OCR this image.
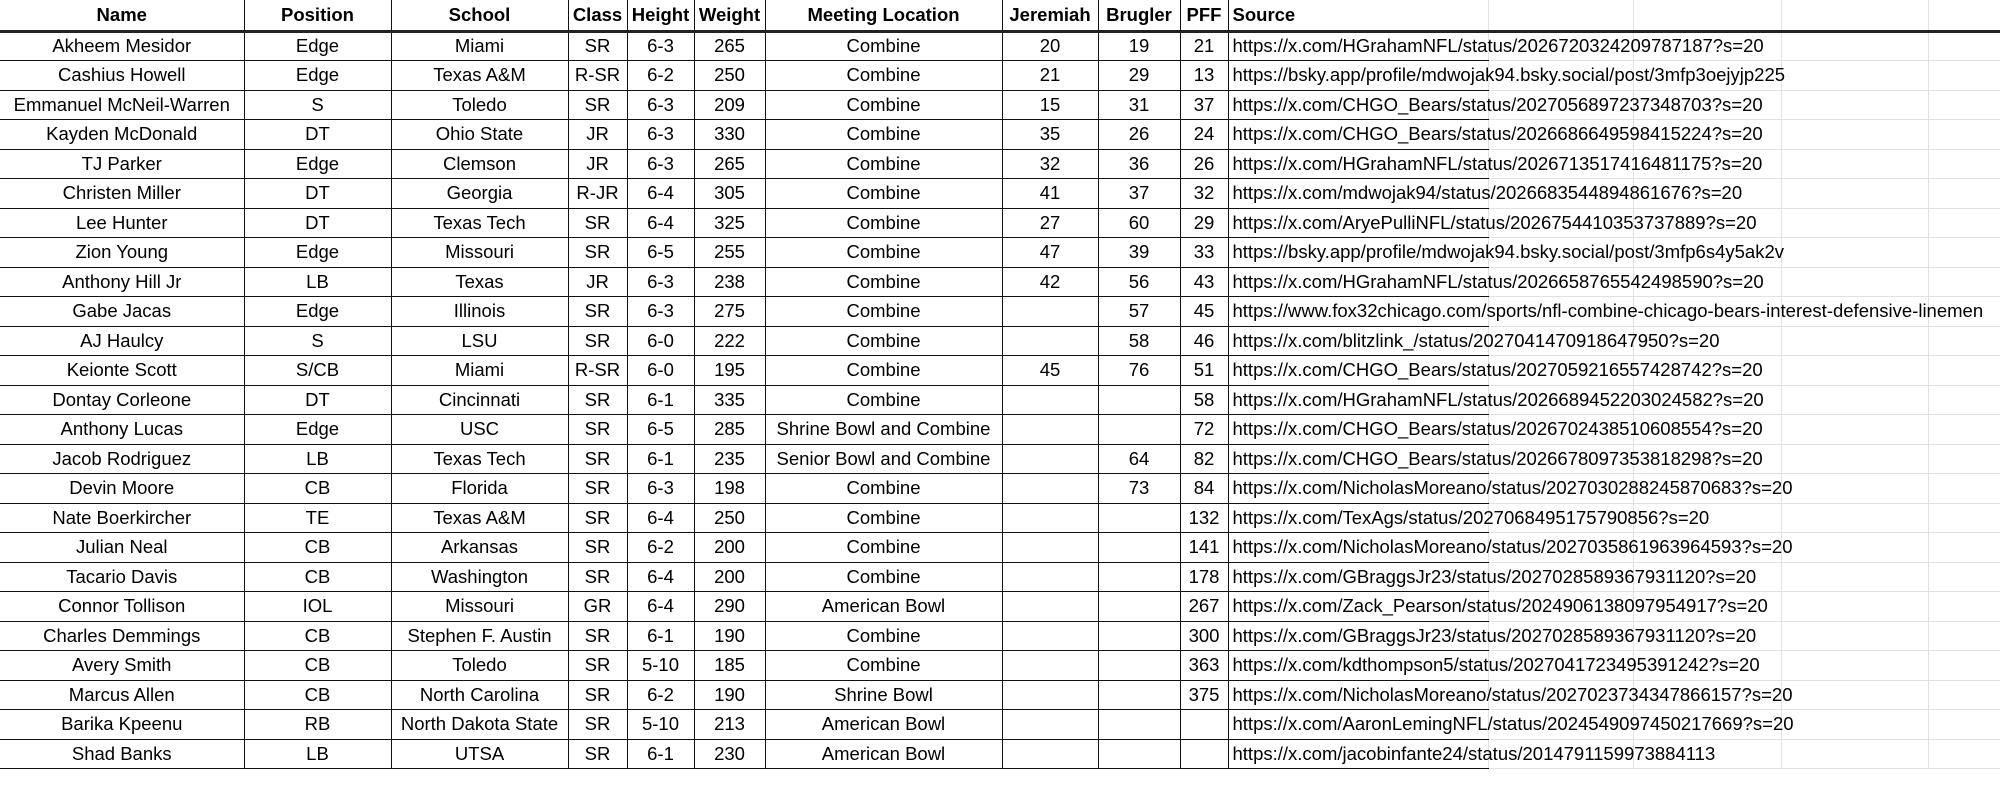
Name	Position	School	Class	Height	Weight	Meeting Location	Jeremiah	Brugler	PFF	Source				
Akheem Mesidor	Edge	Miami	SR	6-3	265	Combine	20	19	21	https://x.com/HGrahamNFL/status/2026720324209787187?s=20				
Cashius Howell	Edge	Texas A&M	R-SR	6-2	250	Combine	21	29	13	https://bsky.app/profile/mdwojak94.bsky.social/post/3mfp3oejyjp225				
Emmanuel McNeil-Warren	S	Toledo	SR	6-3	209	Combine	15	31	37	https://x.com/CHGO_Bears/status/2027056897237348703?s=20				
Kayden McDonald	DT	Ohio State	JR	6-3	330	Combine	35	26	24	https://x.com/CHGO_Bears/status/2026686649598415224?s=20				
TJ Parker	Edge	Clemson	JR	6-3	265	Combine	32	36	26	https://x.com/HGrahamNFL/status/2026713517416481175?s=20				
Christen Miller	DT	Georgia	R-JR	6-4	305	Combine	41	37	32	https://x.com/mdwojak94/status/2026683544894861676?s=20				
Lee Hunter	DT	Texas Tech	SR	6-4	325	Combine	27	60	29	https://x.com/AryePulliNFL/status/2026754410353737889?s=20				
Zion Young	Edge	Missouri	SR	6-5	255	Combine	47	39	33	https://bsky.app/profile/mdwojak94.bsky.social/post/3mfp6s4y5ak2v				
Anthony Hill Jr	LB	Texas	JR	6-3	238	Combine	42	56	43	https://x.com/HGrahamNFL/status/2026658765542498590?s=20				
Gabe Jacas	Edge	Illinois	SR	6-3	275	Combine		57	45	https://www.fox32chicago.com/sports/nfl-combine-chicago-bears-interest-defensive-linemen				
AJ Haulcy	S	LSU	SR	6-0	222	Combine		58	46	https://x.com/blitzlink_/status/2027041470918647950?s=20				
Keionte Scott	S/CB	Miami	R-SR	6-0	195	Combine	45	76	51	https://x.com/CHGO_Bears/status/2027059216557428742?s=20				
Dontay Corleone	DT	Cincinnati	SR	6-1	335	Combine			58	https://x.com/HGrahamNFL/status/2026689452203024582?s=20				
Anthony Lucas	Edge	USC	SR	6-5	285	Shrine Bowl and Combine			72	https://x.com/CHGO_Bears/status/2026702438510608554?s=20				
Jacob Rodriguez	LB	Texas Tech	SR	6-1	235	Senior Bowl and Combine		64	82	https://x.com/CHGO_Bears/status/2026678097353818298?s=20				
Devin Moore	CB	Florida	SR	6-3	198	Combine		73	84	https://x.com/NicholasMoreano/status/2027030288245870683?s=20				
Nate Boerkircher	TE	Texas A&M	SR	6-4	250	Combine			132	https://x.com/TexAgs/status/2027068495175790856?s=20				
Julian Neal	CB	Arkansas	SR	6-2	200	Combine			141	https://x.com/NicholasMoreano/status/2027035861963964593?s=20				
Tacario Davis	CB	Washington	SR	6-4	200	Combine			178	https://x.com/GBraggsJr23/status/2027028589367931120?s=20				
Connor Tollison	IOL	Missouri	GR	6-4	290	American Bowl			267	https://x.com/Zack_Pearson/status/2024906138097954917?s=20				
Charles Demmings	CB	Stephen F. Austin	SR	6-1	190	Combine			300	https://x.com/GBraggsJr23/status/2027028589367931120?s=20				
Avery Smith	CB	Toledo	SR	5-10	185	Combine			363	https://x.com/kdthompson5/status/2027041723495391242?s=20				
Marcus Allen	CB	North Carolina	SR	6-2	190	Shrine Bowl			375	https://x.com/NicholasMoreano/status/2027023734347866157?s=20				
Barika Kpeenu	RB	North Dakota State	SR	5-10	213	American Bowl				https://x.com/AaronLemingNFL/status/2024549097450217669?s=20				
Shad Banks	LB	UTSA	SR	6-1	230	American Bowl				https://x.com/jacobinfante24/status/2014791159973884113				
